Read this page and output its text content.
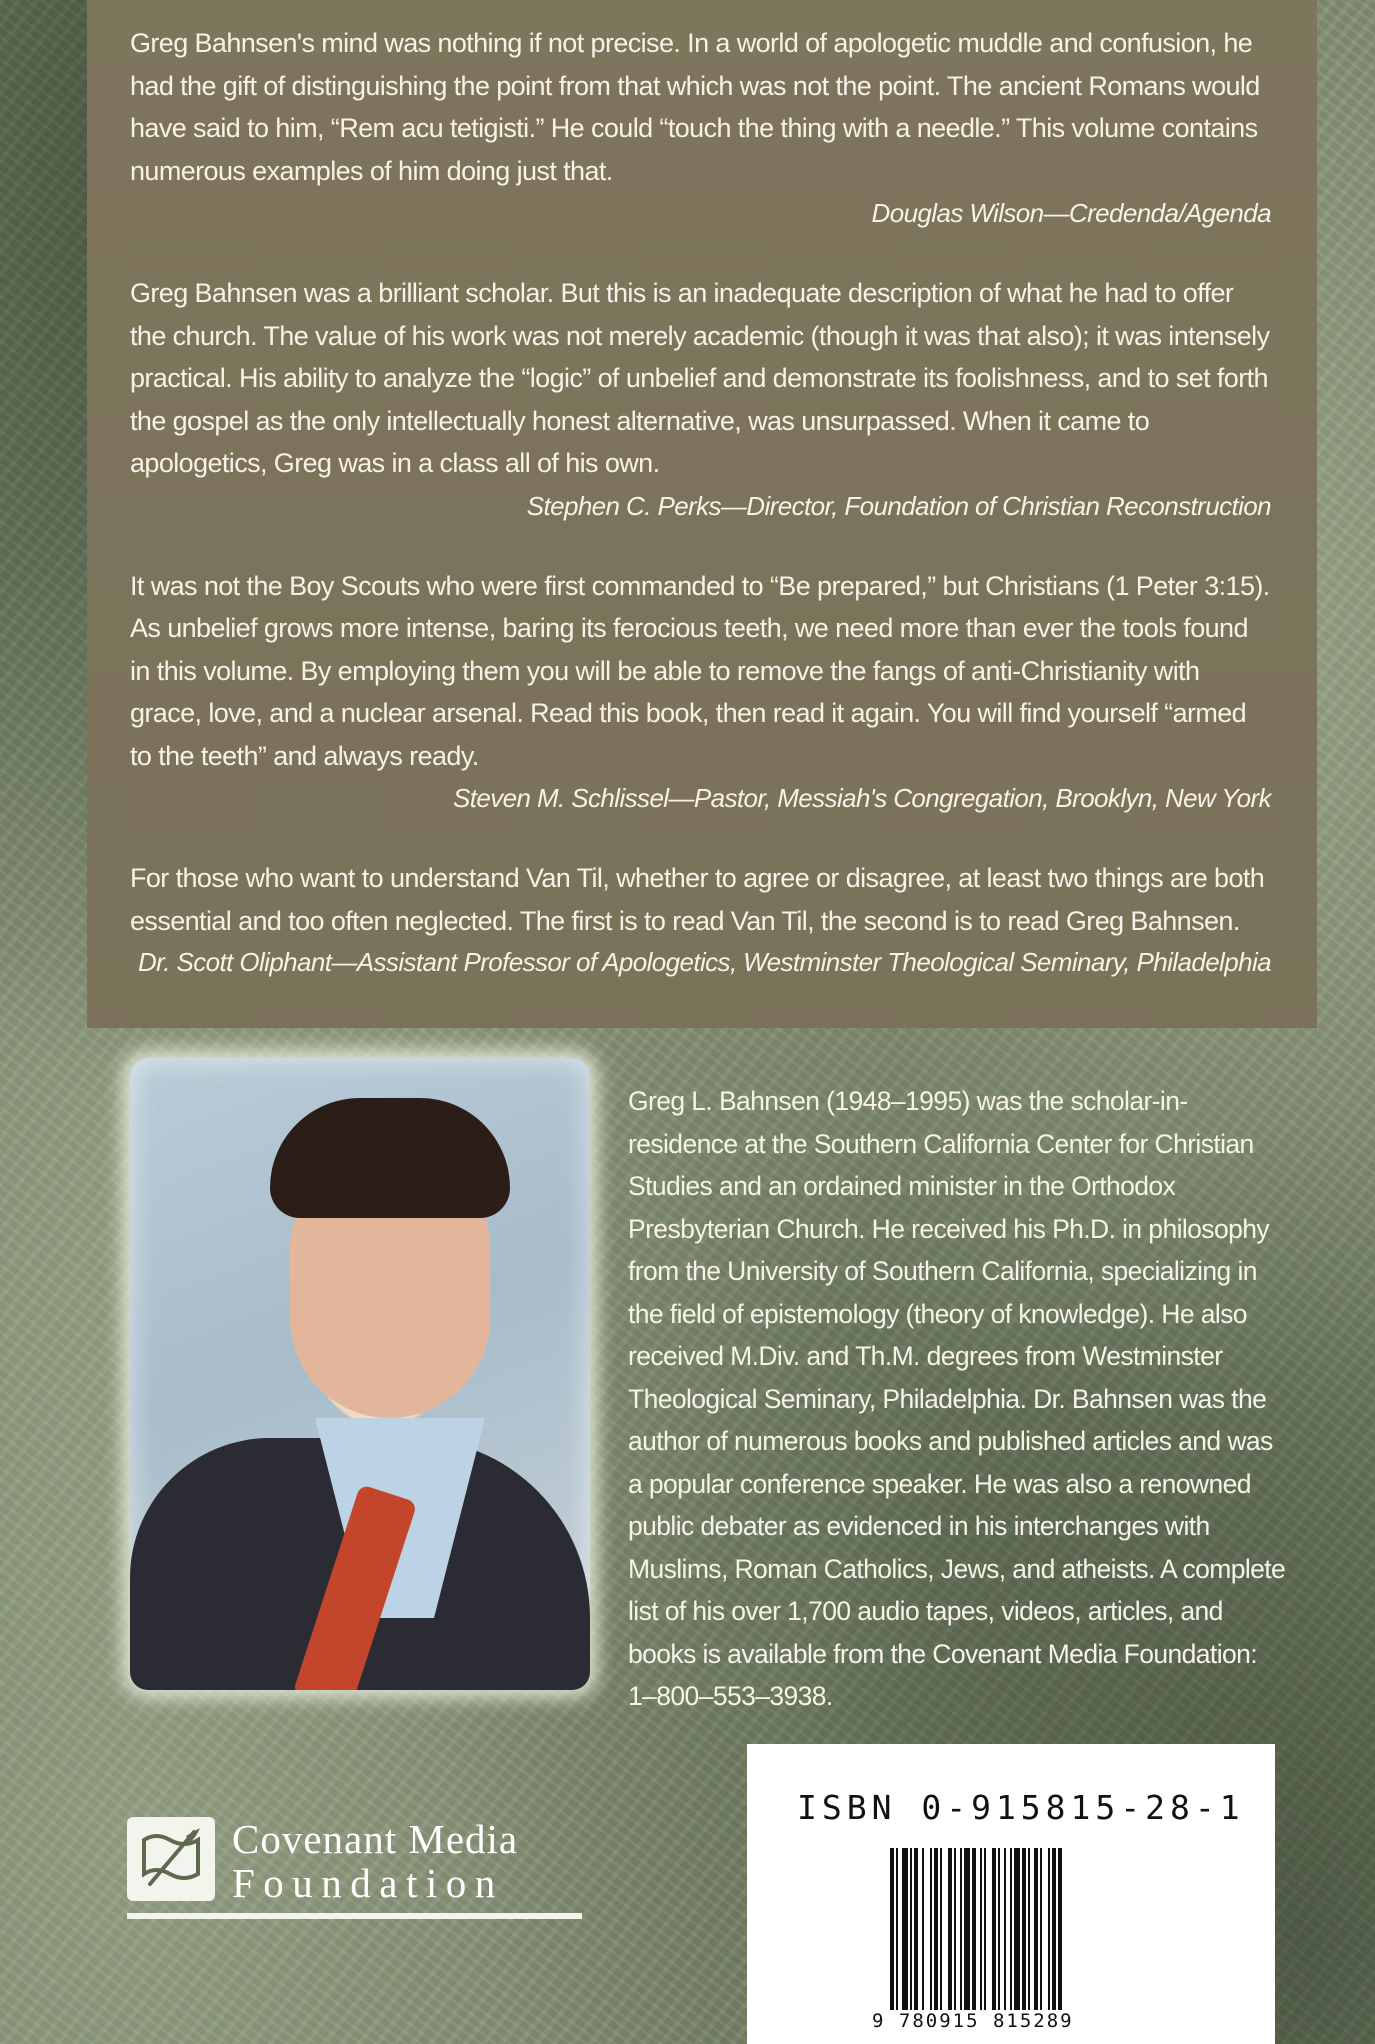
Greg Bahnsen's mind was nothing if not precise. In a world of apologetic muddle and confusion, he had the gift of distinguishing the point from that which was not the point. The ancient Romans would have said to him, “Rem acu tetigisti.” He could “touch the thing with a needle.” This volume contains numerous examples of him doing just that.

Douglas Wilson—Credenda/Agenda

Greg Bahnsen was a brilliant scholar. But this is an inadequate description of what he had to offer the church. The value of his work was not merely academic (though it was that also); it was intensely practical. His ability to analyze the “logic” of unbelief and demonstrate its foolishness, and to set forth the gospel as the only intellectually honest alternative, was unsurpassed. When it came to apologetics, Greg was in a class all of his own.

Stephen C. Perks—Director, Foundation of Christian Reconstruction

It was not the Boy Scouts who were first commanded to “Be prepared,” but Christians (1 Peter 3:15). As unbelief grows more intense, baring its ferocious teeth, we need more than ever the tools found in this volume. By employing them you will be able to remove the fangs of anti-Christianity with grace, love, and a nuclear arsenal. Read this book, then read it again. You will find yourself “armed to the teeth” and always ready.

Steven M. Schlissel—Pastor, Messiah's Congregation, Brooklyn, New York

For those who want to understand Van Til, whether to agree or disagree, at least two things are both essential and too often neglected. The first is to read Van Til, the second is to read Greg Bahnsen.

Dr. Scott Oliphant—Assistant Professor of Apologetics, Westminster Theological Seminary, Philadelphia

Greg L. Bahnsen (1948–1995) was the scholar-in-residence at the Southern California Center for Christian Studies and an ordained minister in the Orthodox Presbyterian Church. He received his Ph.D. in philosophy from the University of Southern California, specializing in the field of epistemology (theory of knowledge). He also received M.Div. and Th.M. degrees from Westminster Theological Seminary, Philadelphia. Dr. Bahnsen was the author of numerous books and published articles and was a popular conference speaker. He was also a renowned public debater as evidenced in his interchanges with Muslims, Roman Catholics, Jews, and atheists. A complete list of his over 1,700 audio tapes, videos, articles, and books is available from the Covenant Media Foundation: 1–800–553–3938.

Covenant Media
Foundation
ISBN 0-915815-28-1
9 780915 815289
